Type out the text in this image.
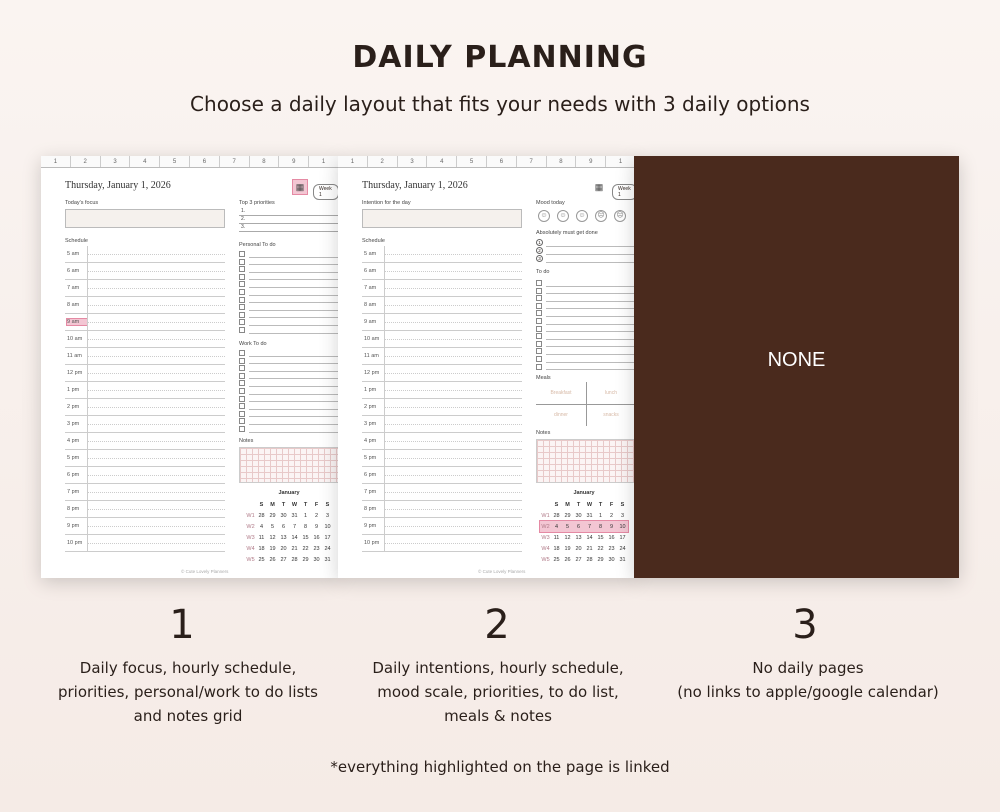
DAILY PLANNING
Choose a daily layout that fits your needs with 3 daily options
1	2	3	4	5	6	7	8	9	1
Thursday, January 1, 2026	▦	Week 1
Today's focus
Schedule
5 am
6 am
7 am
8 am
9 am
10 am
11 am
12 pm
1 pm
2 pm
3 pm
4 pm
5 pm
6 pm
7 pm
8 pm
9 pm
10 pm
Top 3 priorities
1.
2.
3.
Personal To do
Work To do
Notes
January
S	M	T	W	T	F	S
W1 28 29 30 31	1	2	3
W2 4	5	6	7	8	9	10
W3 11 12 13 14 15 16 17
W4 18 19 20 21 22 23 24
W5 25 26 27 28 29 30 31
© Cute Lovely Planners
1	2	3	4	5	6	7	8	9	1
Thursday, January 1, 2026	▦	Week 1
Intention for the day
Schedule
5 am
6 am
7 am
8 am
9 am
10 am
11 am
12 pm
1 pm
2 pm
3 pm
4 pm
5 pm
6 pm
7 pm
8 pm
9 pm
10 pm
Mood today
☺	☺	☺	☹	☹
Absolutely must get done
1
2
3
To do
Meals
Breakfast	lunch
dinner	snacks
Notes
January
S	M	T	W	T	F	S
W1 28 29 30 31	1	2	3
W2 4	5	6	7	8	9	10
W3 11 12 13 14 15 16 17
W4 18 19 20 21 22 23 24
W5 25 26 27 28 29 30 31
© Cute Lovely Planners
NONE
1	2	3
Daily focus, hourly schedule,
priorities, personal/work to do lists
and notes grid
Daily intentions, hourly schedule,
mood scale, priorities, to do list,
meals & notes
No daily pages
(no links to apple/google calendar)
*everything highlighted on the page is linked
